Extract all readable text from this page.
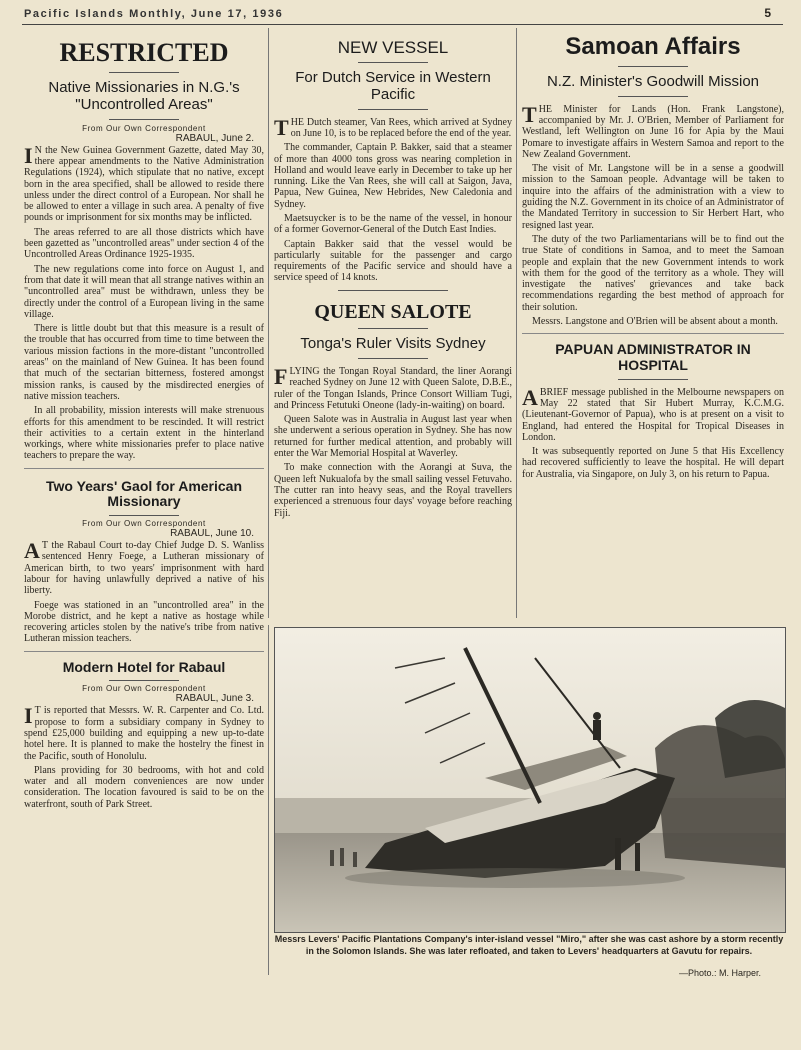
Pacific Islands Monthly, June 17, 1936	5
RESTRICTED
Native Missionaries in N.G.'s "Uncontrolled Areas"
From Our Own Correspondent
RABAUL, June 2.

I N the New Guinea Government Gazette, dated May 30, there appear amendments to the Native Administration Regulations (1924), which stipulate that no native, except born in the area specified, shall be allowed to reside there unless under the direct control of a European. Nor shall he be allowed to enter a village in such area. A penalty of five pounds or imprisonment for six months may be inflicted.

The areas referred to are all those districts which have been gazetted as "uncontrolled areas" under section 4 of the Uncontrolled Areas Ordinance 1925-1935.

The new regulations come into force on August 1, and from that date it will mean that all strange natives within an "uncontrolled area" must be withdrawn, unless they be directly under the control of a European living in the same village.

There is little doubt but that this measure is a result of the trouble that has occurred from time to time between the various mission factions in the more-distant "uncontrolled areas" on the mainland of New Guinea. It has been found that much of the sectarian bitterness, fostered amongst mission ranks, is caused by the misdirected energies of native mission teachers.

In all probability, mission interests will make strenuous efforts for this amendment to be rescinded. It will restrict their activities to a certain extent in the hinterland workings, where white missionaries prefer to place native teachers to prepare the way.

Two Years' Gaol for American Missionary
From Our Own Correspondent
RABAUL, June 10.

A T the Rabaul Court to-day Chief Judge D. S. Wanliss sentenced Henry Foege, a Lutheran missionary of American birth, to two years' imprisonment with hard labour for having unlawfully deprived a native of his liberty.

Foege was stationed in an "uncontrolled area" in the Morobe district, and he kept a native as hostage while recovering articles stolen by the native's tribe from native Lutheran mission teachers.

Modern Hotel for Rabaul
From Our Own Correspondent
RABAUL, June 3.

I T is reported that Messrs. W. R. Carpenter and Co. Ltd. propose to form a subsidiary company in Sydney to spend £25,000 building and equipping a new up-to-date hotel here. It is planned to make the hostelry the finest in the Pacific, south of Honolulu.

Plans providing for 30 bedrooms, with hot and cold water and all modern conveniences are now under consideration. The location favoured is said to be on the waterfront, south of Park Street.

NEW VESSEL
For Dutch Service in Western Pacific

THE Dutch steamer, Van Rees, which arrived at Sydney on June 10, is to be replaced before the end of the year.

The commander, Captain P. Bakker, said that a steamer of more than 4000 tons gross was nearing completion in Holland and would leave early in December to take up her running. Like the Van Rees, she will call at Saigon, Java, Papua, New Guinea, New Hebrides, New Caledonia and Sydney.

Maetsuycker is to be the name of the vessel, in honour of a former Governor-General of the Dutch East Indies.

Captain Bakker said that the vessel would be particularly suitable for the passenger and cargo requirements of the Pacific service and should have a service speed of 14 knots.

QUEEN SALOTE
Tonga's Ruler Visits Sydney

FLYING the Tongan Royal Standard, the liner Aorangi reached Sydney on June 12 with Queen Salote, D.B.E., ruler of the Tongan Islands, Prince Consort William Tugi, and Princess Fetutuki Oneone (lady-in-waiting) on board.

Queen Salote was in Australia in August last year when she underwent a serious operation in Sydney. She has now returned for further medical attention, and probably will enter the War Memorial Hospital at Waverley.

To make connection with the Aorangi at Suva, the Queen left Nukualofa by the small sailing vessel Fetuvaho. The cutter ran into heavy seas, and the Royal travellers experienced a strenuous four days' voyage before reaching Fiji.

Samoan Affairs
N.Z. Minister's Goodwill Mission

THE Minister for Lands (Hon. Frank Langstone), accompanied by Mr. J. O'Brien, Member of Parliament for Westland, left Wellington on June 16 for Apia by the Maui Pomare to investigate affairs in Western Samoa and report to the New Zealand Government.

The visit of Mr. Langstone will be in a sense a goodwill mission to the Samoan people. Advantage will be taken to inquire into the affairs of the administration with a view to guiding the N.Z. Government in its choice of an Administrator of the Mandated Territory in succession to Sir Herbert Hart, who resigned last year.

The duty of the two Parliamentarians will be to find out the true State of conditions in Samoa, and to meet the Samoan people and explain that the new Government intends to work with them for the good of the territory as a whole. They will investigate the natives' grievances and take back recommendations regarding the best method of approach for their solution.

Messrs. Langstone and O'Brien will be absent about a month.

PAPUAN ADMINISTRATOR IN HOSPITAL

ABRIEF message published in the Melbourne newspapers on May 22 stated that Sir Hubert Murray, K.C.M.G. (Lieutenant-Governor of Papua), who is at present on a visit to England, had entered the Hospital for Tropical Diseases in London.

It was subsequently reported on June 5 that His Excellency had recovered sufficiently to leave the hospital. He will depart for Australia, via Singapore, on July 3, on his return to Papua.

Messrs Levers' Pacific Plantations Company's inter-island vessel "Miro," after she was cast ashore by a storm recently in the Solomon Islands. She was later refloated, and taken to Levers' headquarters at Gavutu for repairs.
—Photo.: M. Harper.
